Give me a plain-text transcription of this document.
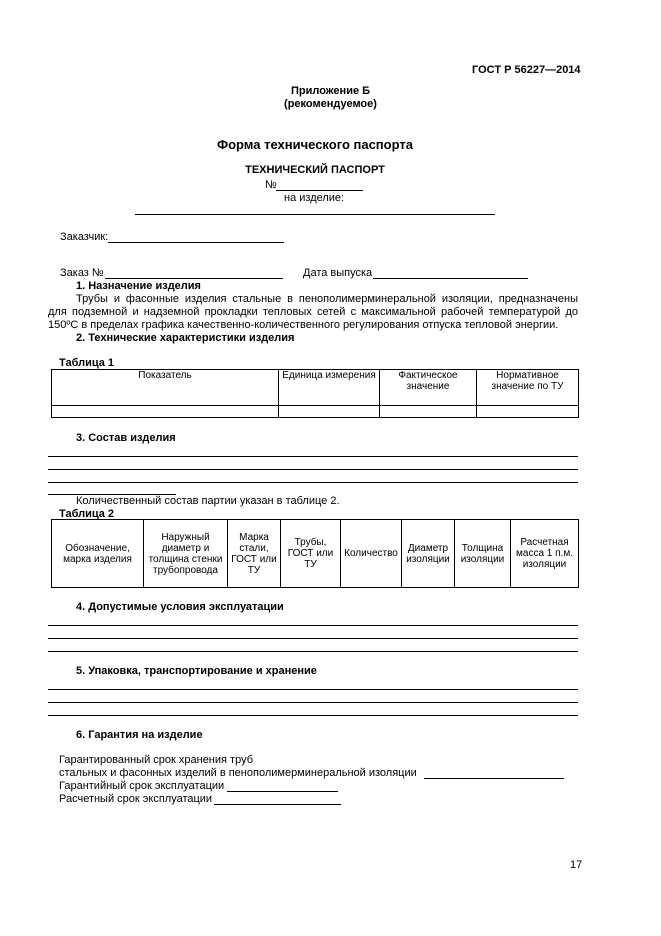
ГОСТ Р 56227—2014
Приложение Б
(рекомендуемое)
Форма технического паспорта
ТЕХНИЧЕСКИЙ ПАСПОРТ
№
на изделие:
Заказчик:
Заказ №	Дата выпуска
1. Назначение изделия
Трубы и фасонные изделия стальные в пенополимерминеральной изоляции, предназначены
для подземной и надземной прокладки тепловых сетей с максимальной рабочей температурой до
150ºС в пределах графика качественно-количественного регулирования отпуска тепловой энергии.
2. Технические характеристики изделия
Таблица 1
Показатель	Единица измерения	Фактическое значение	Нормативное значение по ТУ

3. Состав изделия
Количественный состав партии указан в таблице 2.
Таблица 2
Обозначение, марка изделия	Наружный диаметр и толщина стенки трубопровода	Марка стали, ГОСТ или ТУ	Трубы, ГОСТ или ТУ	Количество	Диаметр изоляции	Толщина изоляции	Расчетная масса 1 п.м. изоляции
4. Допустимые условия эксплуатации
5. Упаковка, транспортирование и хранение
6. Гарантия на изделие
Гарантированный срок хранения труб
стальных и фасонных изделий в пенополимерминеральной изоляции
Гарантийный срок эксплуатации
Расчетный срок эксплуатации
17
